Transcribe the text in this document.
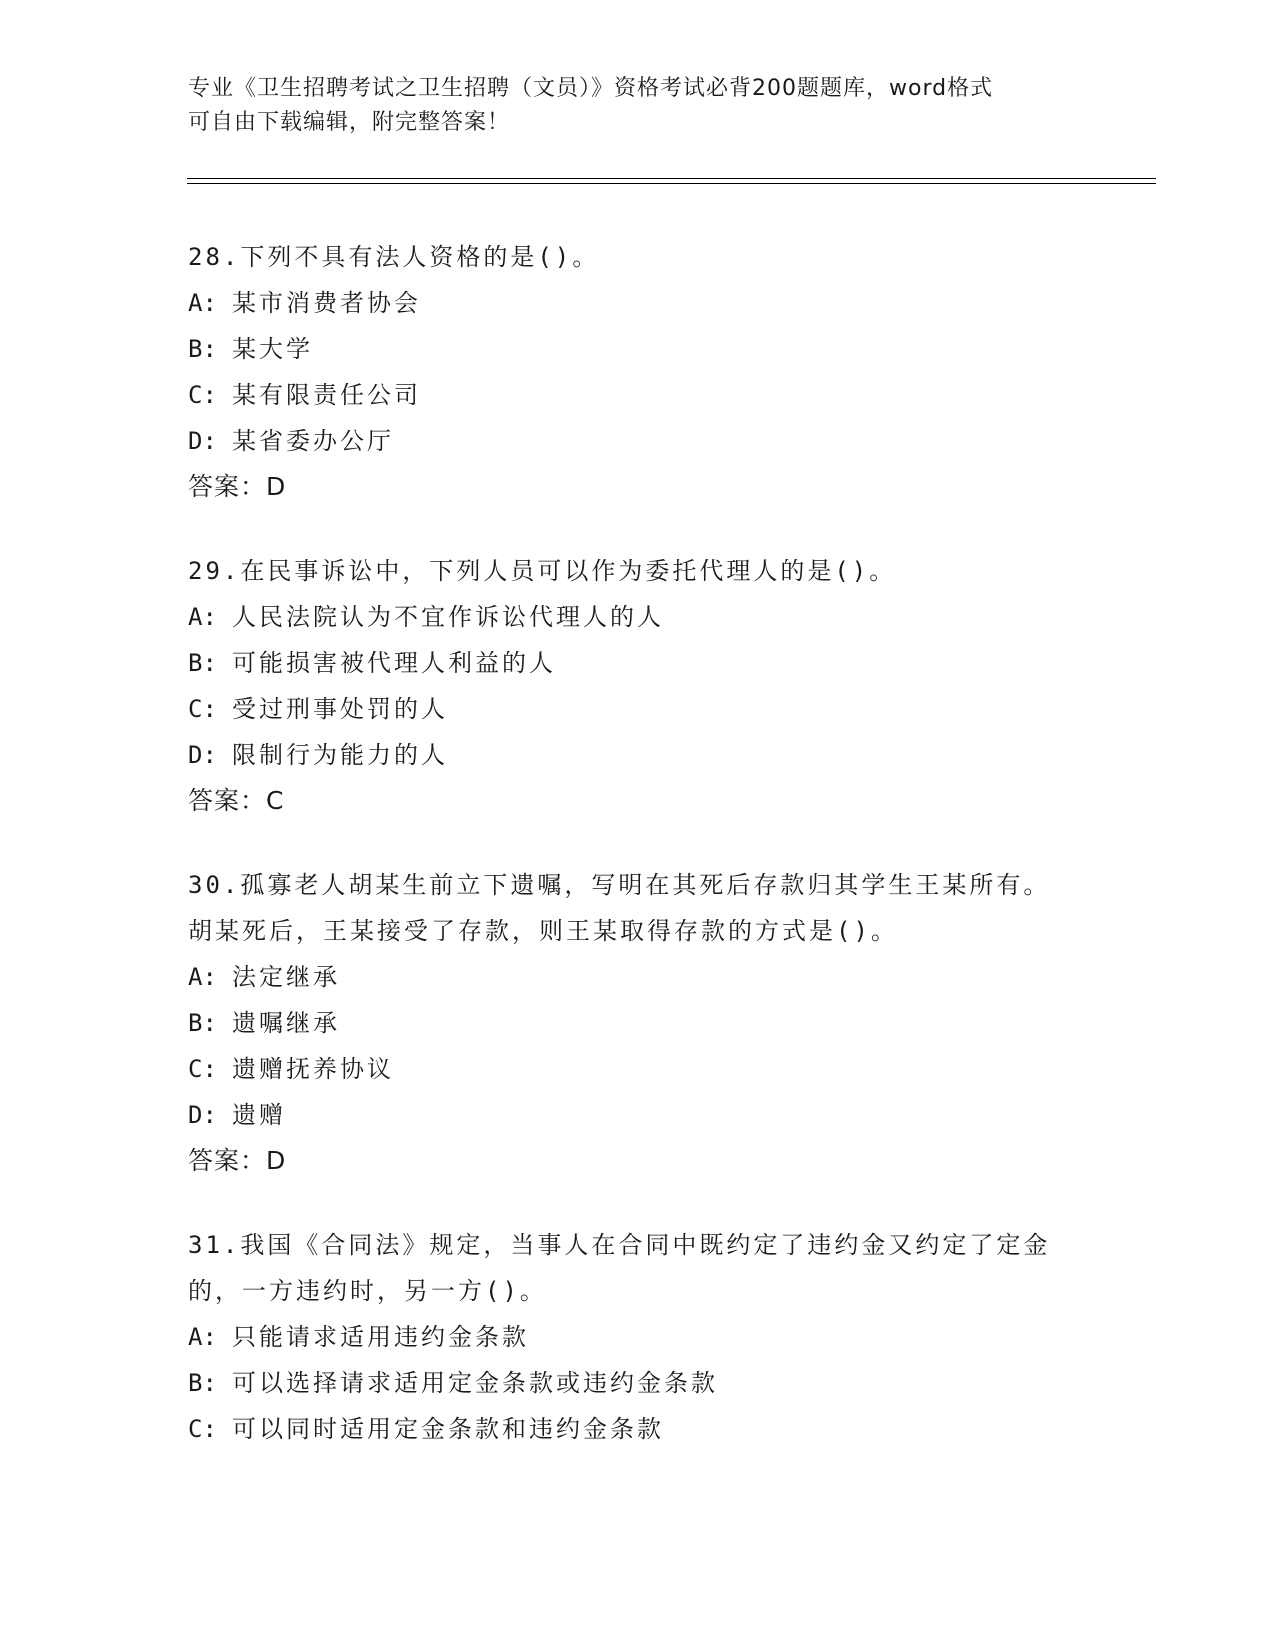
专业《卫生招聘考试之卫生招聘（文员）》资格考试必背200题题库，word格式

可自由下载编辑，附完整答案！

28.下列不具有法人资格的是()。
A: 某市消费者协会
B: 某大学
C: 某有限责任公司
D: 某省委办公厅
答案：D
29.在民事诉讼中，下列人员可以作为委托代理人的是()。
A: 人民法院认为不宜作诉讼代理人的人
B: 可能损害被代理人利益的人
C: 受过刑事处罚的人
D: 限制行为能力的人
答案：C
30.孤寡老人胡某生前立下遗嘱，写明在其死后存款归其学生王某所有。胡某死后，王某接受了存款，则王某取得存款的方式是()。
A: 法定继承
B: 遗嘱继承
C: 遗赠抚养协议
D: 遗赠
答案：D
31.我国《合同法》规定，当事人在合同中既约定了违约金又约定了定金的，一方违约时，另一方()。
A: 只能请求适用违约金条款
B: 可以选择请求适用定金条款或违约金条款
C: 可以同时适用定金条款和违约金条款
